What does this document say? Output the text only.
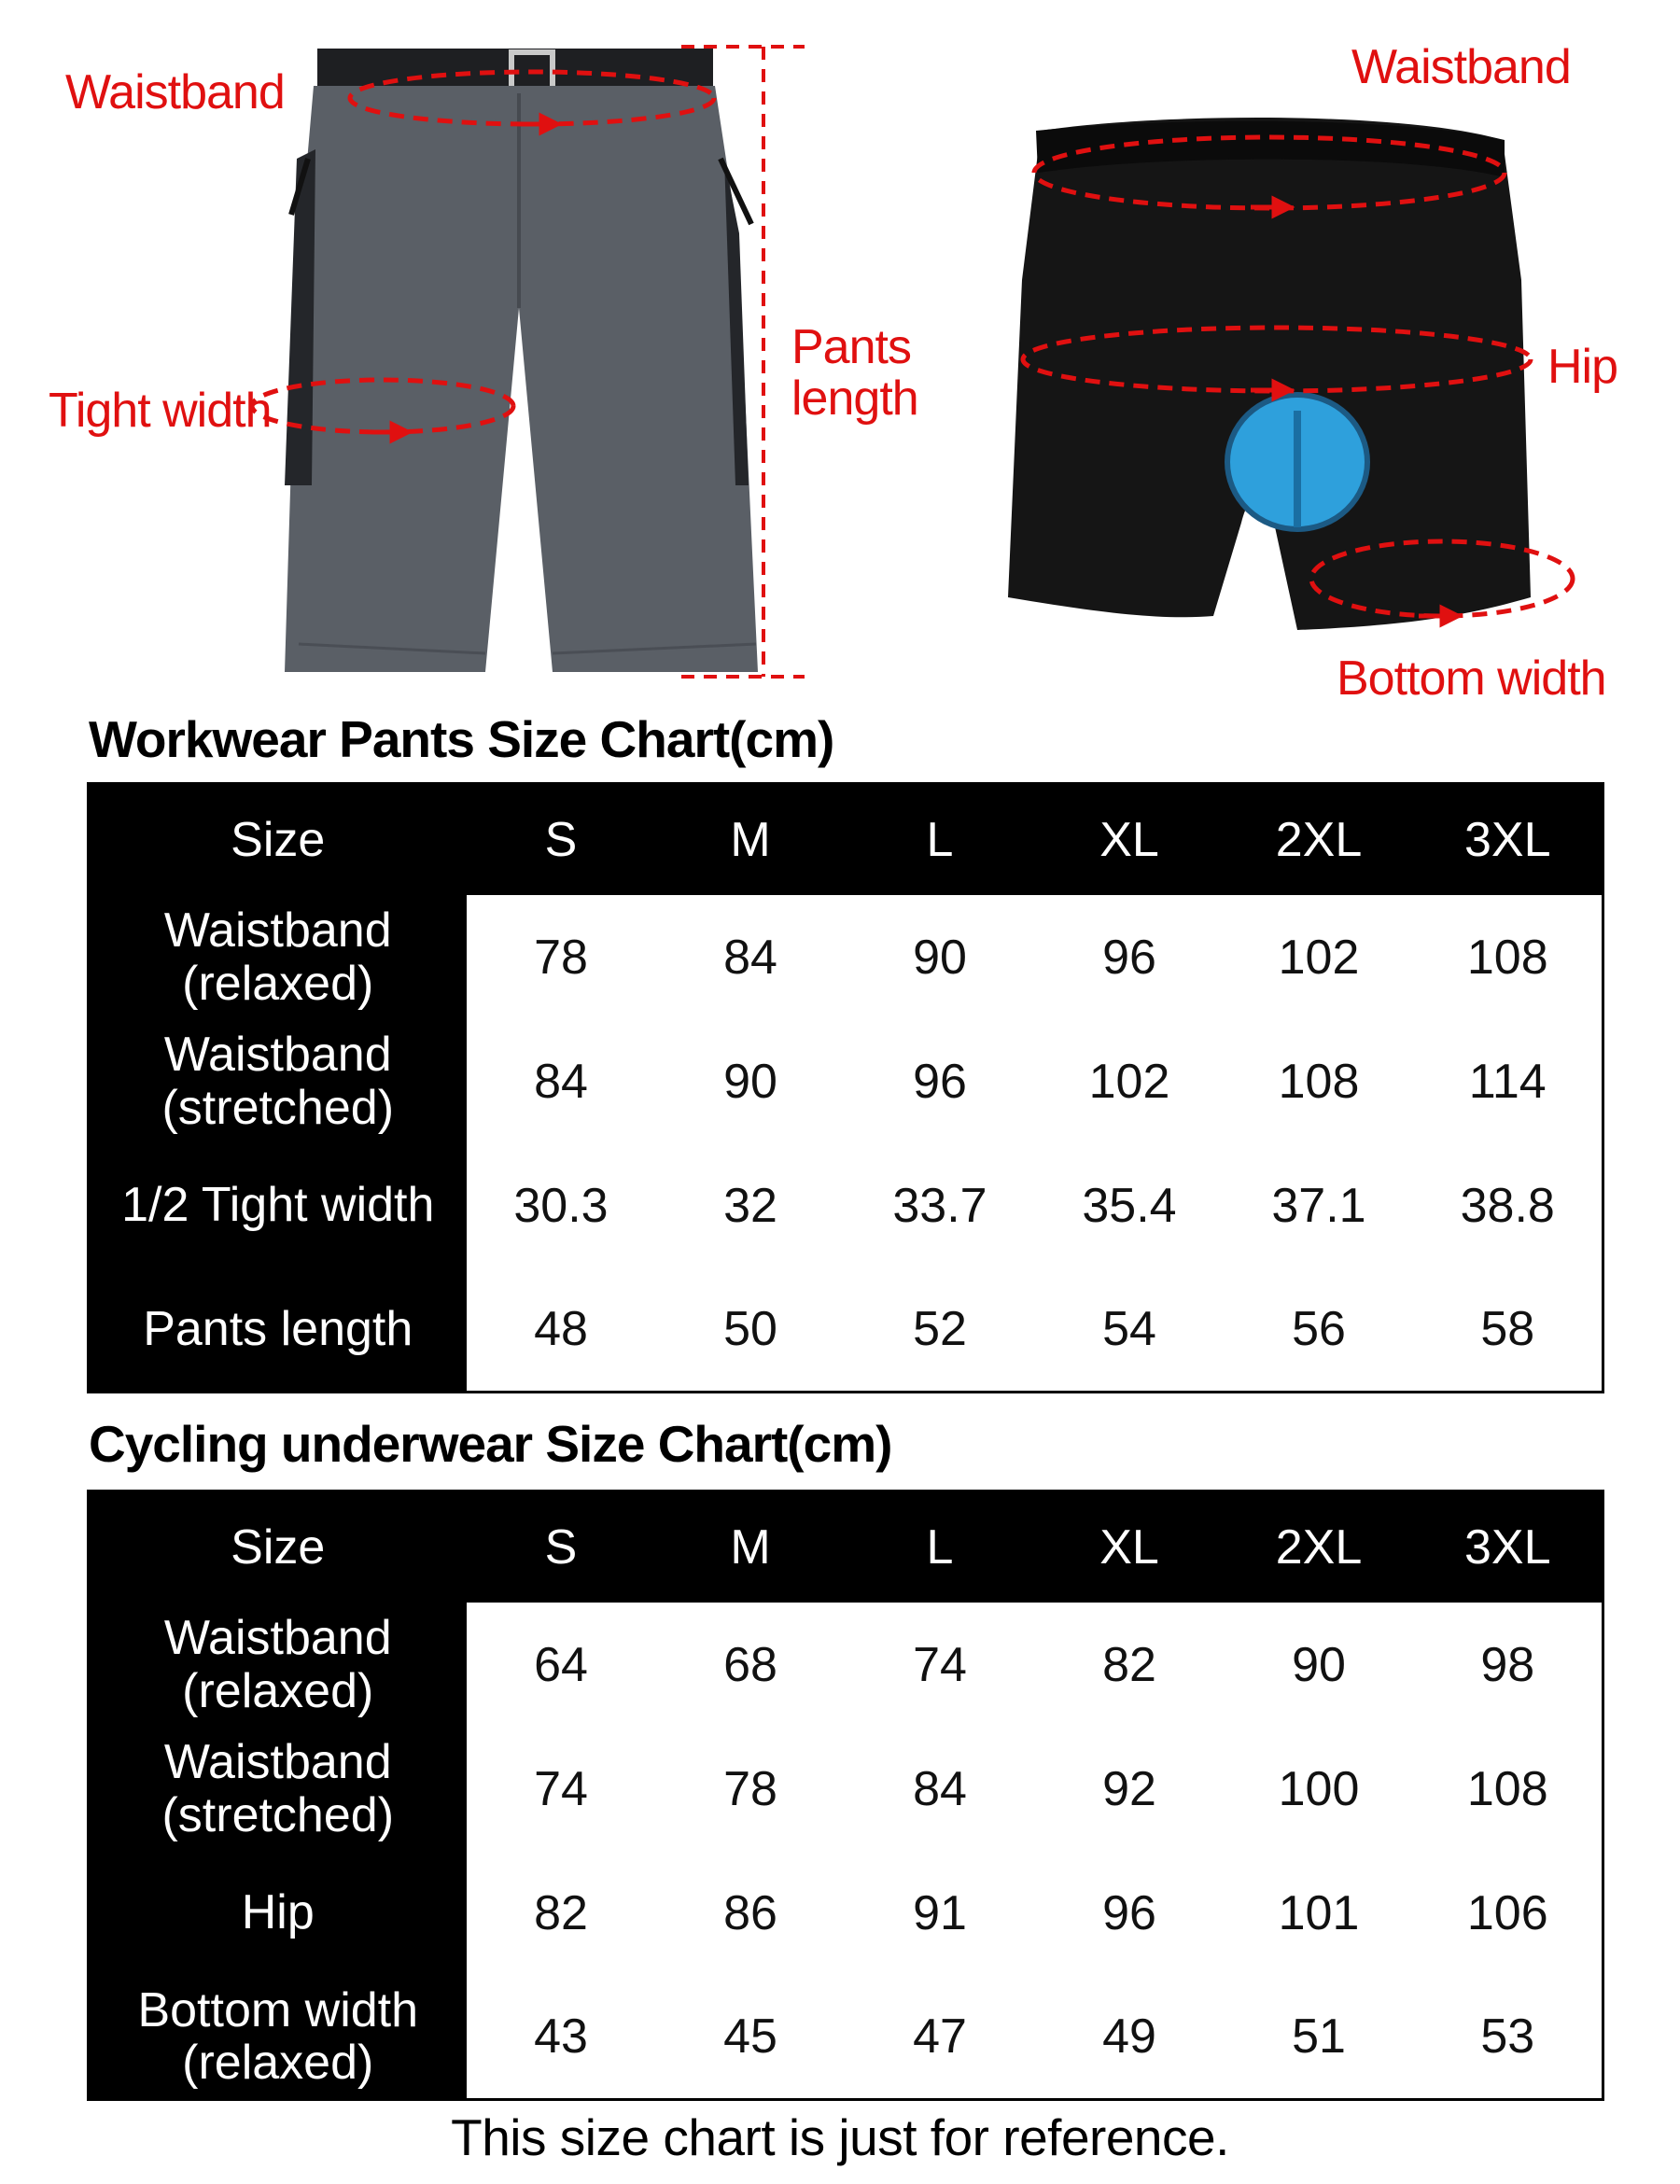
Waistband
Tight width
Pants
length
Waistband
Hip
Bottom width
Workwear Pants Size Chart(cm)
Size	S	M	L	XL	2XL	3XL
Waistband
(relaxed)	78	84	90	96	102	108
Waistband
(stretched)	84	90	96	102	108	114
1/2 Tight width	30.3	32	33.7	35.4	37.1	38.8
Pants length	48	50	52	54	56	58
Cycling underwear Size Chart(cm)
Size	S	M	L	XL	2XL	3XL
Waistband
(relaxed)	64	68	74	82	90	98
Waistband
(stretched)	74	78	84	92	100	108
Hip	82	86	91	96	101	106
Bottom width
(relaxed)	43	45	47	49	51	53
This size chart is just for reference.
